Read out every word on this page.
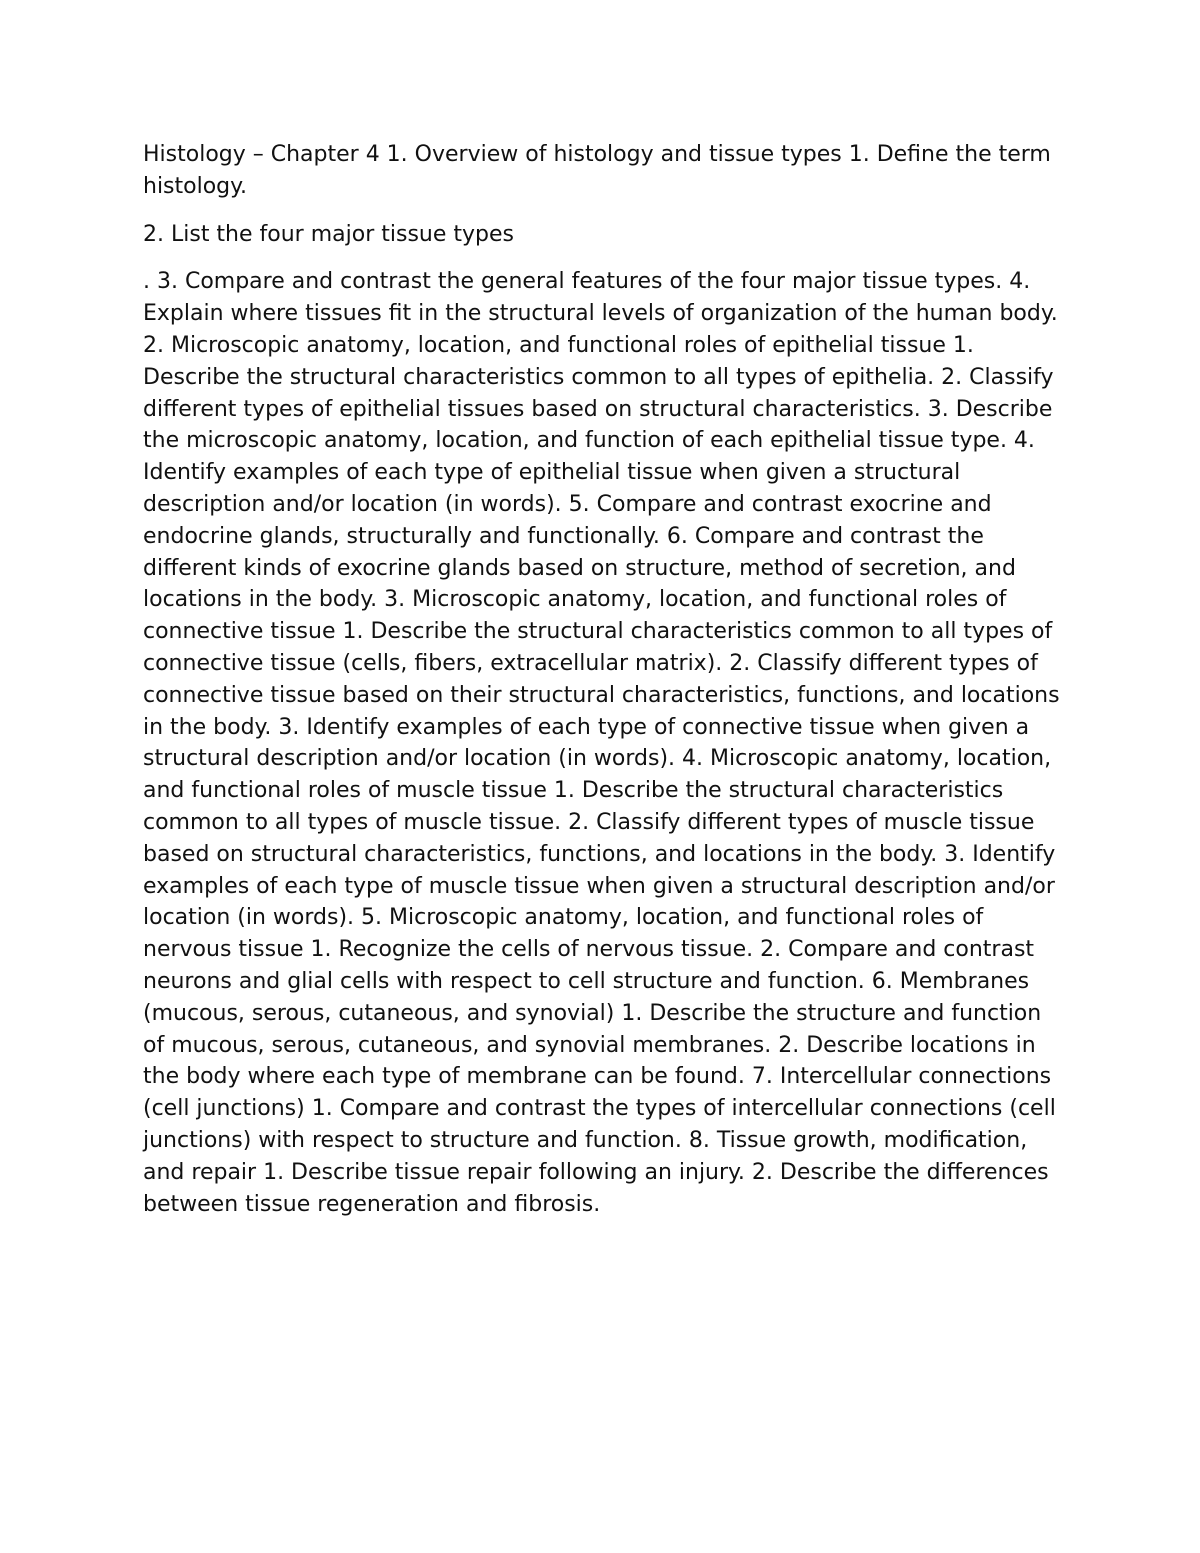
Histology – Chapter 4 1. Overview of histology and tissue types 1. Define the term histology.

2. List the four major tissue types

. 3. Compare and contrast the general features of the four major tissue types. 4. Explain where tissues fit in the structural levels of organization of the human body. 2. Microscopic anatomy, location, and functional roles of epithelial tissue 1. Describe the structural characteristics common to all types of epithelia. 2. Classify different types of epithelial tissues based on structural characteristics. 3. Describe the microscopic anatomy, location, and function of each epithelial tissue type. 4. Identify examples of each type of epithelial tissue when given a structural description and/or location (in words). 5. Compare and contrast exocrine and endocrine glands, structurally and functionally. 6. Compare and contrast the different kinds of exocrine glands based on structure, method of secretion, and locations in the body. 3. Microscopic anatomy, location, and functional roles of connective tissue 1. Describe the structural characteristics common to all types of connective tissue (cells, fibers, extracellular matrix). 2. Classify different types of connective tissue based on their structural characteristics, functions, and locations in the body. 3. Identify examples of each type of connective tissue when given a structural description and/or location (in words). 4. Microscopic anatomy, location, and functional roles of muscle tissue 1. Describe the structural characteristics common to all types of muscle tissue. 2. Classify different types of muscle tissue based on structural characteristics, functions, and locations in the body. 3. Identify examples of each type of muscle tissue when given a structural description and/or location (in words). 5. Microscopic anatomy, location, and functional roles of nervous tissue 1. Recognize the cells of nervous tissue. 2. Compare and contrast neurons and glial cells with respect to cell structure and function. 6. Membranes (mucous, serous, cutaneous, and synovial) 1. Describe the structure and function of mucous, serous, cutaneous, and synovial membranes. 2. Describe locations in the body where each type of membrane can be found. 7. Intercellular connections (cell junctions) 1. Compare and contrast the types of intercellular connections (cell junctions) with respect to structure and function. 8. Tissue growth, modification, and repair 1. Describe tissue repair following an injury. 2. Describe the differences between tissue regeneration and fibrosis.
